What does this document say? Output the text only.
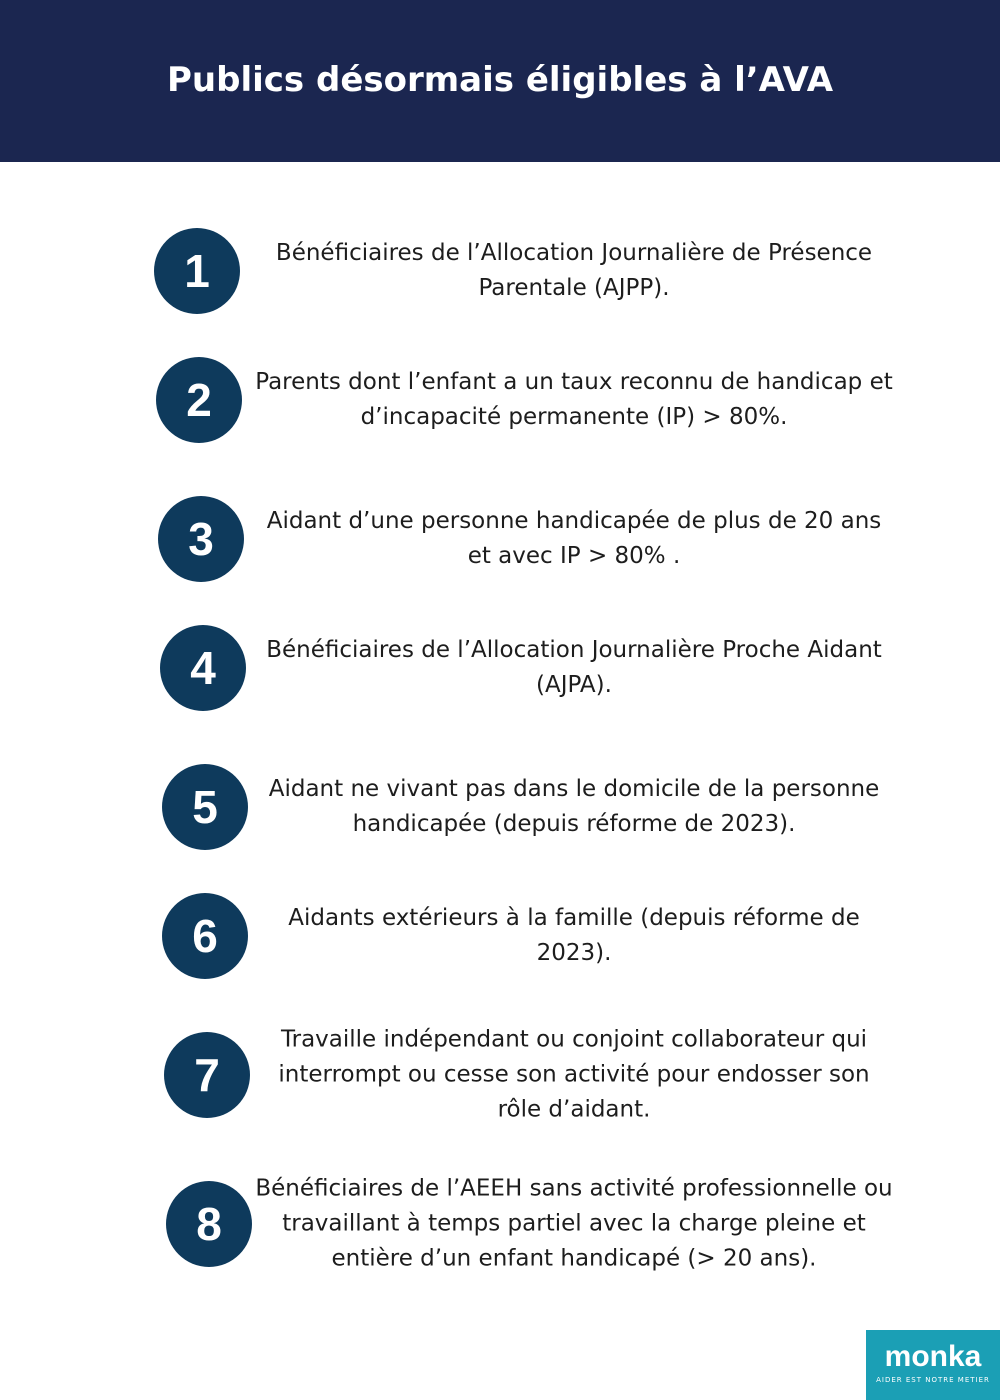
Publics désormais éligibles à l’AVA
1	Bénéficiaires de l’Allocation Journalière de Présence Parentale (AJPP).
2	Parents dont l’enfant a un taux reconnu de handicap et d’incapacité permanente (IP) > 80%.
3	Aidant d’une personne handicapée de plus de 20 ans et avec IP > 80% .
4	Bénéficiaires de l’Allocation Journalière Proche Aidant (AJPA).
5	Aidant ne vivant pas dans le domicile de la personne handicapée (depuis réforme de 2023).
6	Aidants extérieurs à la famille (depuis réforme de 2023).
7
Travaille indépendant ou conjoint collaborateur qui interrompt ou cesse son activité pour endosser son rôle d’aidant.
8
Bénéficiaires de l’AEEH sans activité professionnelle ou travaillant à temps partiel avec la charge pleine et entière d’un enfant handicapé (> 20 ans).
monka
AIDER EST NOTRE METIER
